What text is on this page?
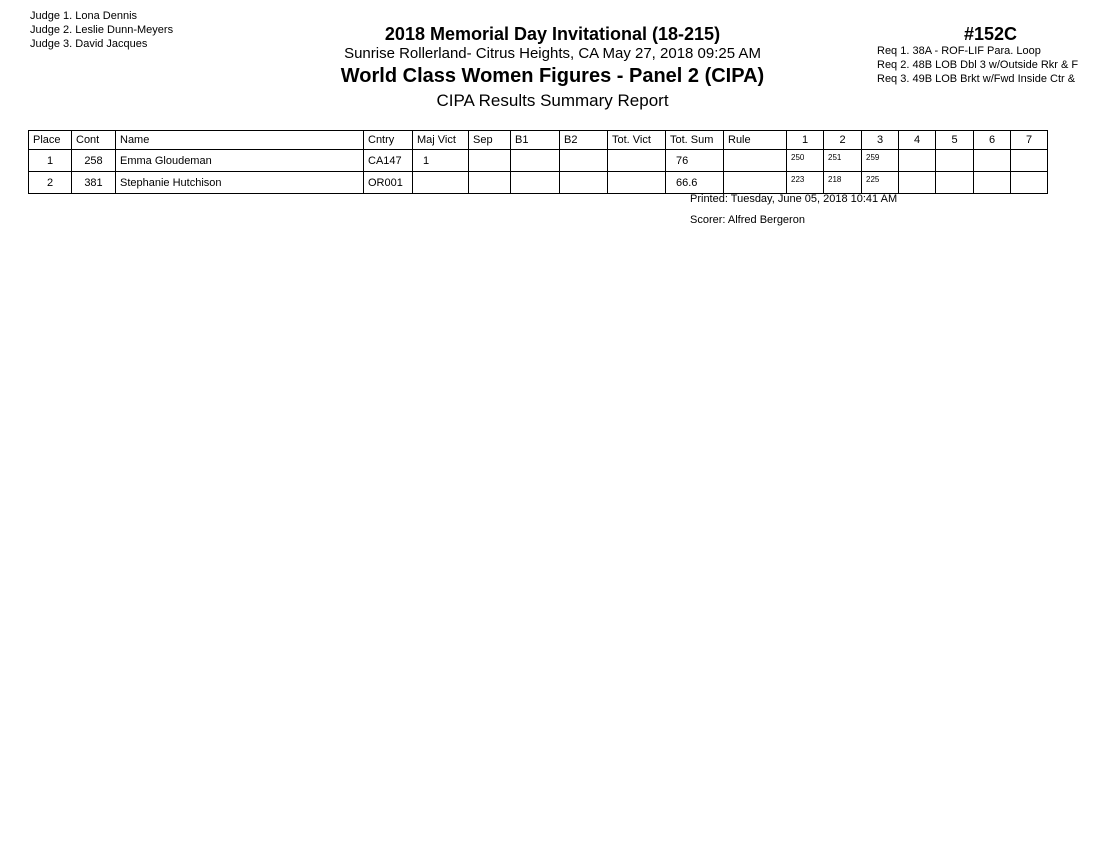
Judge 1. Lona Dennis
Judge 2. Leslie Dunn-Meyers
Judge 3. David Jacques	2018 Memorial Day Invitational (18-215)
Sunrise Rollerland- Citrus Heights, CA May 27, 2018 09:25 AM
World Class Women Figures - Panel 2 (CIPA)
CIPA Results Summary Report
#152C
Req 1. 38A - ROF-LIF Para. Loop
Req 2. 48B LOB Dbl 3 w/Outside Rkr & F
Req 3. 49B LOB Brkt w/Fwd Inside Ctr &
Place	Cont	Name	Cntry	Maj Vict	Sep	B1	B2	Tot. Vict	Tot. Sum	Rule	1	2	3	4	5	6	7
1	258	Emma Gloudeman	CA147	1					76		250	251	259				
2	381	Stephanie Hutchison	OR001						66.6		223	218	225				
Printed: Tuesday, June 05, 2018 10:41 AM
Scorer: Alfred Bergeron
